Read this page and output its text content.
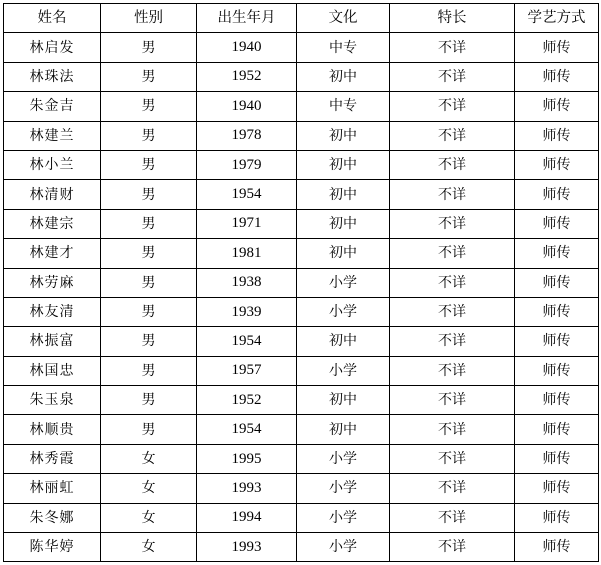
姓名	性别	出生年月	文化	特长	学艺方式
林启发	男	1940	中专	不详	师传
林珠法	男	1952	初中	不详	师传
朱金吉	男	1940	中专	不详	师传
林建兰	男	1978	初中	不详	师传
林小兰	男	1979	初中	不详	师传
林清财	男	1954	初中	不详	师传
林建宗	男	1971	初中	不详	师传
林建才	男	1981	初中	不详	师传
林劳麻	男	1938	小学	不详	师传
林友清	男	1939	小学	不详	师传
林振富	男	1954	初中	不详	师传
林国忠	男	1957	小学	不详	师传
朱玉泉	男	1952	初中	不详	师传
林顺贵	男	1954	初中	不详	师传
林秀霞	女	1995	小学	不详	师传
林丽虹	女	1993	小学	不详	师传
朱冬娜	女	1994	小学	不详	师传
陈华婷	女	1993	小学	不详	师传
